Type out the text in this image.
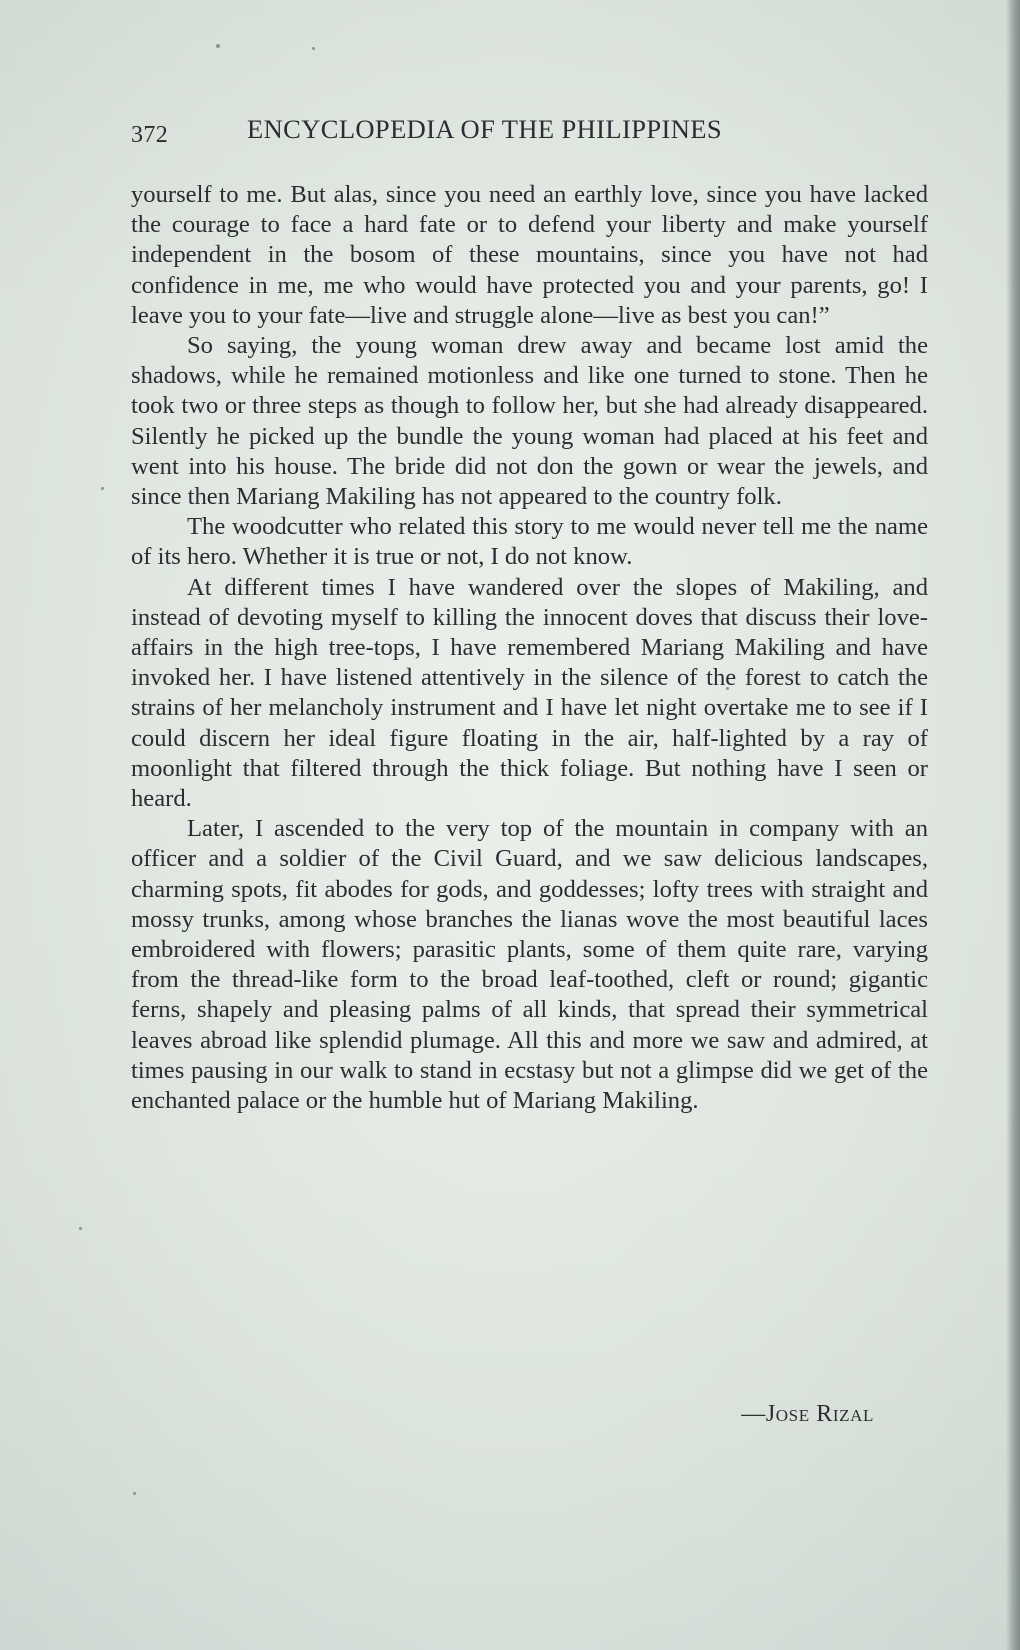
372	ENCYCLOPEDIA OF THE PHILIPPINES

yourself to me. But alas, since you need an earthly love, since you have lacked the courage to face a hard fate or to defend your liberty and make yourself independent in the bosom of these mountains, since you have not had confidence in me, me who would have protected you and your parents, go! I leave you to your fate—live and struggle alone—live as best you can!”

So saying, the young woman drew away and became lost amid the shadows, while he remained motionless and like one turned to stone. Then he took two or three steps as though to follow her, but she had already disappeared. Silently he picked up the bundle the young woman had placed at his feet and went into his house. The bride did not don the gown or wear the jewels, and since then Mariang Makiling has not appeared to the country folk.

The woodcutter who related this story to me would never tell me the name of its hero. Whether it is true or not, I do not know.

At different times I have wandered over the slopes of Makiling, and instead of devoting myself to killing the innocent doves that discuss their love-affairs in the high tree-tops, I have remembered Mariang Makiling and have invoked her. I have listened attentively in the silence of the forest to catch the strains of her melancholy instrument and I have let night overtake me to see if I could discern her ideal figure floating in the air, half-lighted by a ray of moonlight that filtered through the thick foliage. But nothing have I seen or heard.

Later, I ascended to the very top of the mountain in company with an officer and a soldier of the Civil Guard, and we saw delicious landscapes, charming spots, fit abodes for gods, and goddesses; lofty trees with straight and mossy trunks, among whose branches the lianas wove the most beautiful laces embroidered with flowers; parasitic plants, some of them quite rare, varying from the thread-like form to the broad leaf-toothed, cleft or round; gigantic ferns, shapely and pleasing palms of all kinds, that spread their symmetrical leaves abroad like splendid plumage. All this and more we saw and admired, at times pausing in our walk to stand in ecstasy but not a glimpse did we get of the enchanted palace or the humble hut of Mariang Makiling.

—Jose Rizal
